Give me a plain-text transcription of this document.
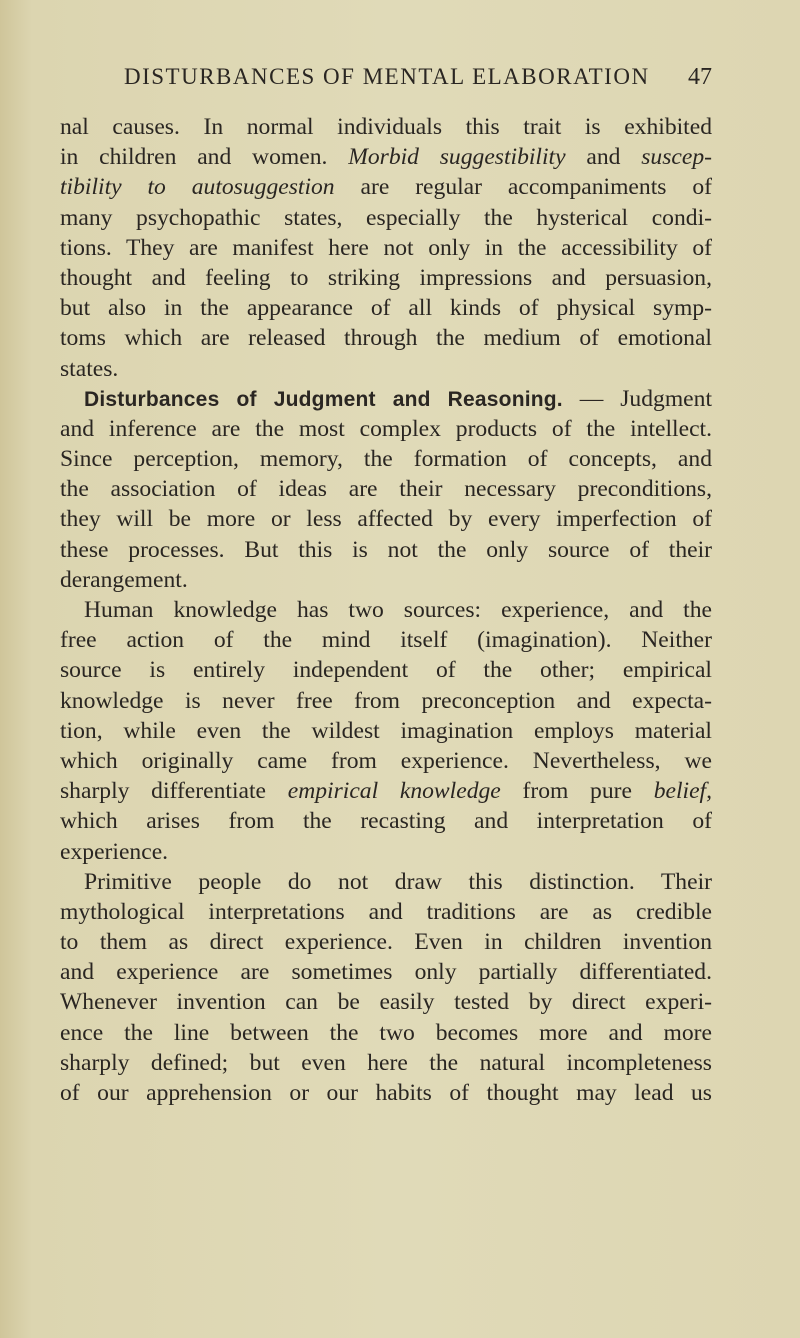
DISTURBANCES OF MENTAL ELABORATION 47
nal causes. In normal individuals this trait is exhibited
in children and women. Morbid suggestibility and suscep-
tibility to autosuggestion are regular accompaniments of
many psychopathic states, especially the hysterical condi-
tions. They are manifest here not only in the accessibility of
thought and feeling to striking impressions and persuasion,
but also in the appearance of all kinds of physical symp-
toms which are released through the medium of emotional
states.
Disturbances of Judgment and Reasoning. — Judgment
and inference are the most complex products of the intellect.
Since perception, memory, the formation of concepts, and
the association of ideas are their necessary preconditions,
they will be more or less affected by every imperfection of
these processes. But this is not the only source of their
derangement.
Human knowledge has two sources: experience, and the
free action of the mind itself (imagination). Neither
source is entirely independent of the other; empirical
knowledge is never free from preconception and expecta-
tion, while even the wildest imagination employs material
which originally came from experience. Nevertheless, we
sharply differentiate empirical knowledge from pure belief,
which arises from the recasting and interpretation of
experience.
Primitive people do not draw this distinction. Their
mythological interpretations and traditions are as credible
to them as direct experience. Even in children invention
and experience are sometimes only partially differentiated.
Whenever invention can be easily tested by direct experi-
ence the line between the two becomes more and more
sharply defined; but even here the natural incompleteness
of our apprehension or our habits of thought may lead us
